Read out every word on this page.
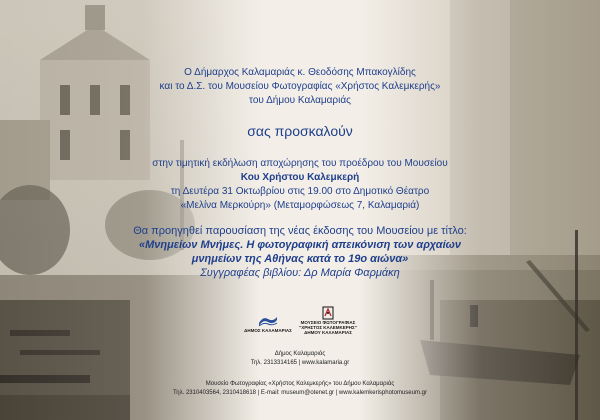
Ο Δήμαρχος Καλαμαριάς κ. Θεοδόσης Μπακογλίδης

και το Δ.Σ. του Μουσείου Φωτογραφίας «Χρήστος Καλεμκερής»

του Δήμου Καλαμαριάς

σας προσκαλούν

στην τιμητική εκδήλωση αποχώρησης του προέδρου του Μουσείου

Κου Χρήστου Καλεμκερή

τη Δευτέρα 31 Οκτωβρίου στις 19.00 στο Δημοτικό Θέατρο

«Μελίνα Μερκούρη» (Μεταμορφώσεως 7, Καλαμαριά)

Θα προηγηθεί παρουσίαση της νέας έκδοσης του Μουσείου με τίτλο:

«Μνημείων Μνήμες. Η φωτογραφική απεικόνιση των αρχαίων

μνημείων της Αθήνας κατά το 19ο αιώνα»

Συγγραφέας βιβλίου: Δρ Μαρία Φαρμάκη

ΔΗΜΟΣ ΚΑΛΑΜΑΡΙΑΣ
ΜΟΥΣΕΙΟ ΦΩΤΟΓΡΑΦΙΑΣ
"ΧΡΗΣΤΟΣ ΚΑΛΕΜΚΕΡΗΣ"
ΔΗΜΟΥ ΚΑΛΑΜΑΡΙΑΣ

Δήμος Καλαμαριάς

Τηλ. 2313314165 | www.kalamaria.gr

Μουσείο Φωτογραφίας «Χρήστος Καλεμκερής» του Δήμου Καλαμαριάς

Τηλ. 2310403564, 2310418618 | E-mail: museum@otenet.gr | www.kalemkerisphotomuseum.gr
